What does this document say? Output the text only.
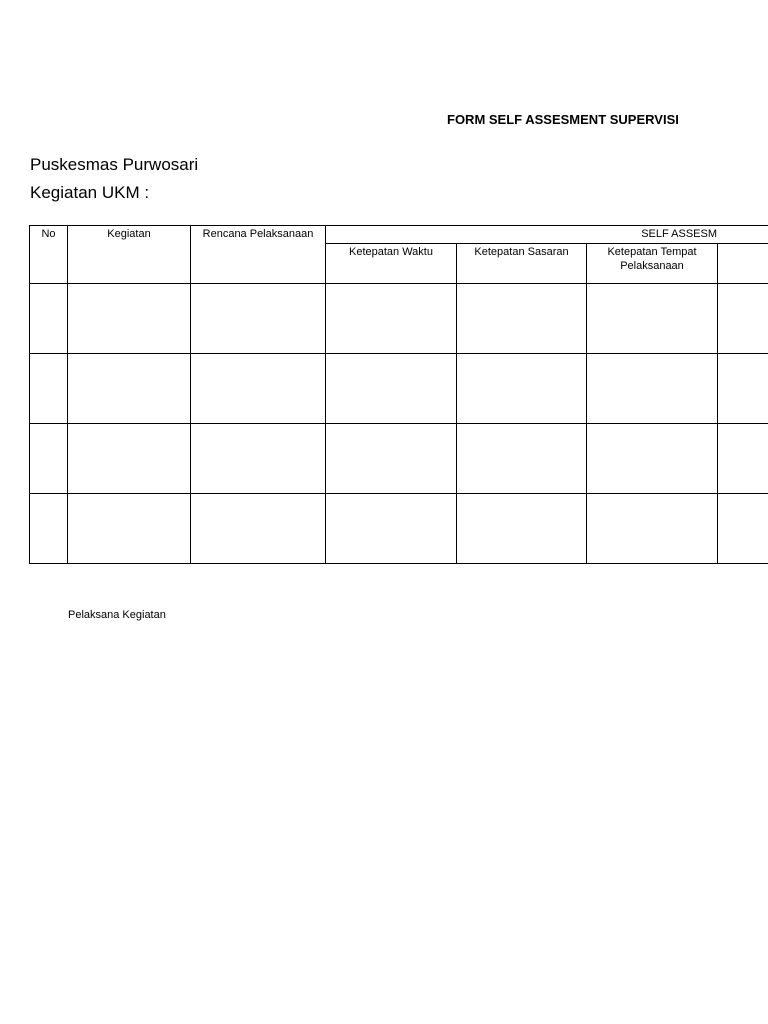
FORM SELF ASSESMENT SUPERVISI
Puskesmas Purwosari
Kegiatan UKM :
No	Kegiatan	Rencana Pelaksanaan	SELF ASSESM			

			Ketepatan Waktu	Ketepatan Sasaran	Ketepatan Tempat Pelaksanaan	

Pelaksana Kegiatan
